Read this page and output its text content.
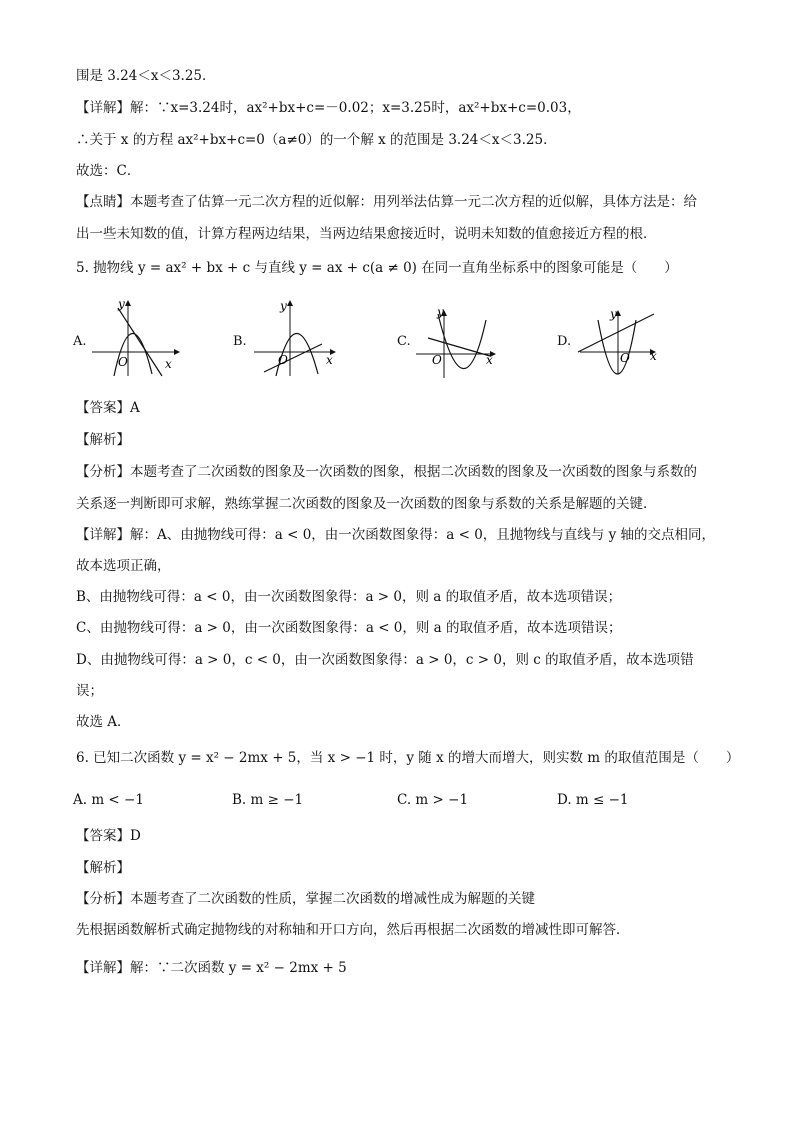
围是 3.24＜x＜3.25．
【详解】解：∵x=3.24时，ax²+bx+c=－0.02；x=3.25时，ax²+bx+c=0.03，
∴关于 x 的方程 ax²+bx+c=0（a≠0）的一个解 x 的范围是 3.24＜x＜3.25．
故选：C．
【点睛】本题考查了估算一元二次方程的近似解：用列举法估算一元二次方程的近似解，具体方法是：给
出一些未知数的值，计算方程两边结果，当两边结果愈接近时，说明未知数的值愈接近方程的根．
5. 抛物线 y = ax² + bx + c 与直线 y = ax + c(a ≠ 0) 在同一直角坐标系中的图象可能是（　　）
A.
y
x
O
B.
y
x
O
C.
y
x
O
D.
y
x
O
【答案】A
【解析】
【分析】本题考查了二次函数的图象及一次函数的图象，根据二次函数的图象及一次函数的图象与系数的
关系逐一判断即可求解，熟练掌握二次函数的图象及一次函数的图象与系数的关系是解题的关键．
【详解】解：A、由抛物线可得：a < 0，由一次函数图象得：a < 0，且抛物线与直线与 y 轴的交点相同，
故本选项正确，
B、由抛物线可得：a < 0，由一次函数图象得：a > 0，则 a 的取值矛盾，故本选项错误；
C、由抛物线可得：a > 0，由一次函数图象得：a < 0，则 a 的取值矛盾，故本选项错误；
D、由抛物线可得：a > 0，c < 0，由一次函数图象得：a > 0，c > 0，则 c 的取值矛盾，故本选项错
误；
故选 A．
6. 已知二次函数 y = x² − 2mx + 5，当 x > −1 时，y 随 x 的增大而增大，则实数 m 的取值范围是（　　）
A. m < −1	B. m ≥ −1	C. m > −1	D. m ≤ −1
【答案】D
【解析】
【分析】本题考查了二次函数的性质，掌握二次函数的增减性成为解题的关键
先根据函数解析式确定抛物线的对称轴和开口方向，然后再根据二次函数的增减性即可解答．
【详解】解：∵二次函数 y = x² − 2mx + 5
